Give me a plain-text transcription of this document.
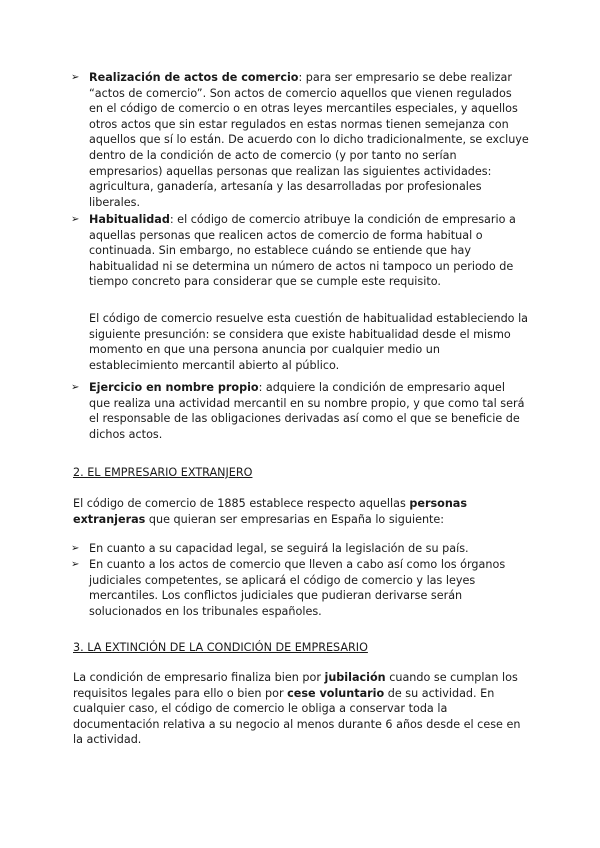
➢ Realización de actos de comercio: para ser empresario se debe realizar “actos de comercio”. Son actos de comercio aquellos que vienen regulados en el código de comercio o en otras leyes mercantiles especiales, y aquellos otros actos que sin estar regulados en estas normas tienen semejanza con aquellos que sí lo están. De acuerdo con lo dicho tradicionalmente, se excluye dentro de la condición de acto de comercio (y por tanto no serían empresarios) aquellas personas que realizan las siguientes actividades: agricultura, ganadería, artesanía y las desarrolladas por profesionales liberales.
➢ Habitualidad: el código de comercio atribuye la condición de empresario a aquellas personas que realicen actos de comercio de forma habitual o continuada. Sin embargo, no establece cuándo se entiende que hay habitualidad ni se determina un número de actos ni tampoco un periodo de tiempo concreto para considerar que se cumple este requisito.
El código de comercio resuelve esta cuestión de habitualidad estableciendo la siguiente presunción: se considera que existe habitualidad desde el mismo momento en que una persona anuncia por cualquier medio un establecimiento mercantil abierto al público.
➢ Ejercicio en nombre propio: adquiere la condición de empresario aquel que realiza una actividad mercantil en su nombre propio, y que como tal será el responsable de las obligaciones derivadas así como el que se beneficie de dichos actos.
2. EL EMPRESARIO EXTRANJERO
El código de comercio de 1885 establece respecto aquellas personas extranjeras que quieran ser empresarias en España lo siguiente:
➢ En cuanto a su capacidad legal, se seguirá la legislación de su país.
➢ En cuanto a los actos de comercio que lleven a cabo así como los órganos judiciales competentes, se aplicará el código de comercio y las leyes mercantiles. Los conflictos judiciales que pudieran derivarse serán solucionados en los tribunales españoles.
3. LA EXTINCIÓN DE LA CONDICIÓN DE EMPRESARIO
La condición de empresario finaliza bien por jubilación cuando se cumplan los requisitos legales para ello o bien por cese voluntario de su actividad. En cualquier caso, el código de comercio le obliga a conservar toda la documentación relativa a su negocio al menos durante 6 años desde el cese en la actividad.
